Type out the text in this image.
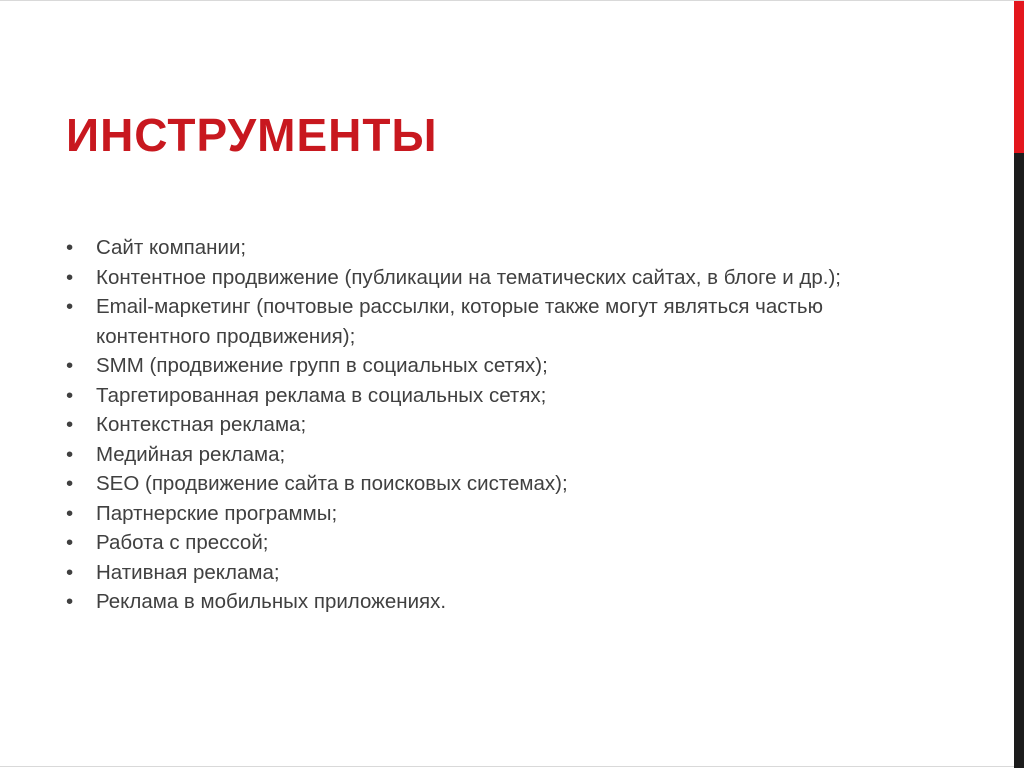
ИНСТРУМЕНТЫ
•	Сайт компании;
•	Контентное продвижение (публикации на тематических сайтах, в блоге и др.);
•	Email-маркетинг (почтовые рассылки, которые также могут являться частью контентного продвижения);
•	SMM (продвижение групп в социальных сетях);
•	Таргетированная реклама в социальных сетях;
•	Контекстная реклама;
•	Медийная реклама;
•	SEO (продвижение сайта в поисковых системах);
•	Партнерские программы;
•	Работа с прессой;
•	Нативная реклама;
•	Реклама в мобильных приложениях.
